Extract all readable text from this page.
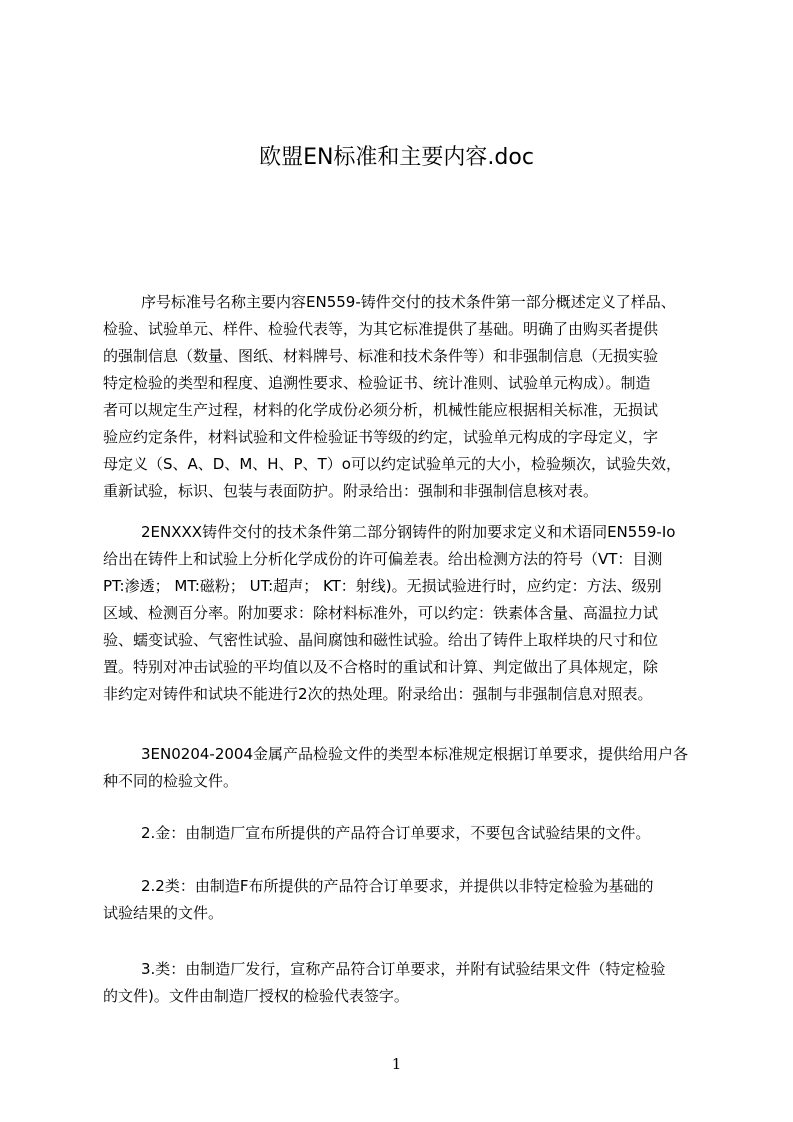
欧盟EN标准和主要内容.doc
序号标准号名称主要内容EN559-铸件交付的技术条件第一部分概述定义了样品、
检验、试验单元、样件、检验代表等，为其它标准提供了基础。明确了由购买者提供
的强制信息（数量、图纸、材料牌号、标准和技术条件等）和非强制信息（无损实验
特定检验的类型和程度、追溯性要求、检验证书、统计准则、试验单元构成）。制造
者可以规定生产过程，材料的化学成份必须分析，机械性能应根据相关标准，无损试
验应约定条件，材料试验和文件检验证书等级的约定，试验单元构成的字母定义，字
母定义（S、A、D、M、H、P、T）o可以约定试验单元的大小，检验频次，试验失效，
重新试验，标识、包装与表面防护。附录给出：强制和非强制信息核对表。
2ENXXX铸件交付的技术条件第二部分钢铸件的附加要求定义和术语同EN559-Io
给出在铸件上和试验上分析化学成份的许可偏差表。给出检测方法的符号（VT：目测
PT:渗透； MT:磁粉； UT:超声； KT：射线)。无损试验进行时，应约定：方法、级别
区域、检测百分率。附加要求：除材料标准外，可以约定：铁素体含量、高温拉力试
验、蠕变试验、气密性试验、晶间腐蚀和磁性试验。给出了铸件上取样块的尺寸和位
置。特别对冲击试验的平均值以及不合格时的重试和计算、判定做出了具体规定，除
非约定对铸件和试块不能进行2次的热处理。附录给出：强制与非强制信息对照表。
3EN0204-2004金属产品检验文件的类型本标准规定根据订单要求，提供给用户各
种不同的检验文件。
2.金：由制造厂宣布所提供的产品符合订单要求，不要包含试验结果的文件。
2.2类：由制造F布所提供的产品符合订单要求，并提供以非特定检验为基础的
试验结果的文件。
3.类：由制造厂发行，宣称产品符合订单要求，并附有试验结果文件（特定检验
的文件)。文件由制造厂授权的检验代表签字。
1
